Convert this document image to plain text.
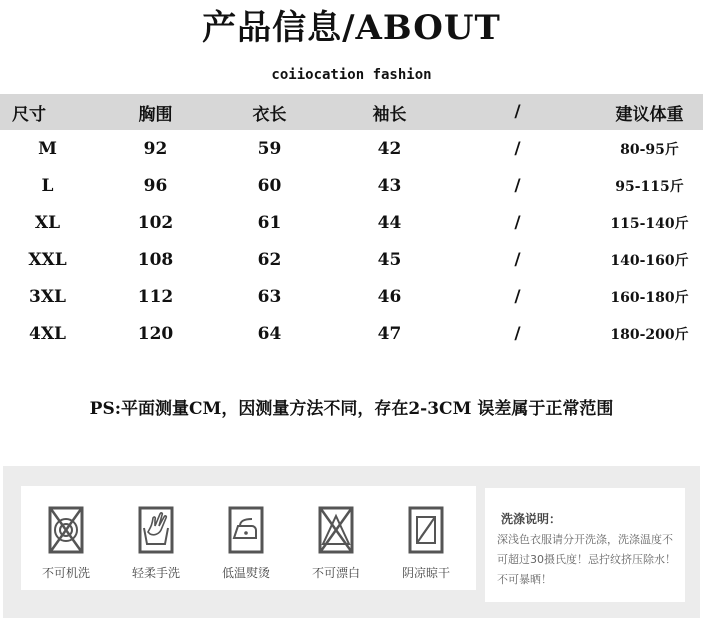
产品信息/ABOUT
coiiocation fashion
尺寸	胸围	衣长	袖长	/	建议体重
M	92	59	42	/	80-95斤
L	96	60	43	/	95-115斤
XL	102	61	44	/	115-140斤
XXL	108	62	45	/	140-160斤
3XL	112	63	46	/	160-180斤
4XL	120	64	47	/	180-200斤
PS:平面测量CM，因测量方法不同，存在2-3CM 误差属于正常范围
不可机洗	轻柔手洗	低温熨烫	不可漂白	阴凉晾干
洗涤说明：
深浅色衣服请分开洗涤，洗涤温度不可超过30摄氏度！忌拧纹挤压除水！不可暴晒！
